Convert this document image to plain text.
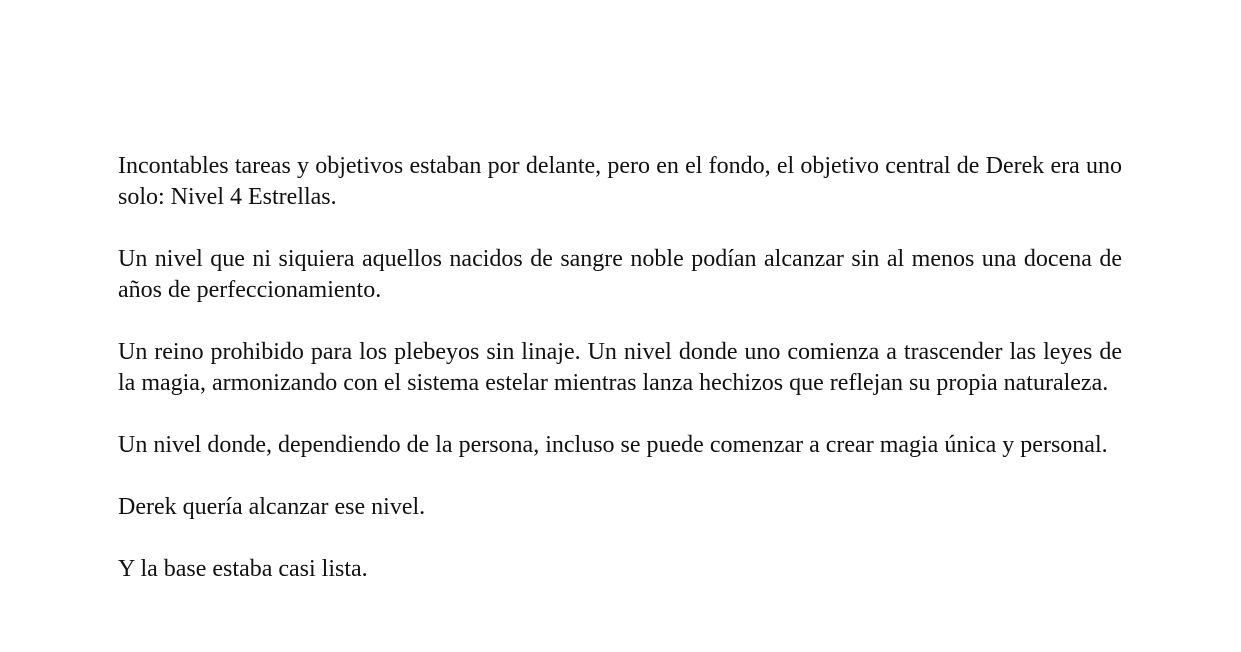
Incontables tareas y objetivos estaban por delante, pero en el fondo, el objetivo central de Derek era uno solo: Nivel 4 Estrellas.

Un nivel que ni siquiera aquellos nacidos de sangre noble podían alcanzar sin al menos una docena de años de perfeccionamiento.

Un reino prohibido para los plebeyos sin linaje. Un nivel donde uno comienza a trascender las leyes de la magia, armonizando con el sistema estelar mientras lanza hechizos que reflejan su propia naturaleza.

Un nivel donde, dependiendo de la persona, incluso se puede comenzar a crear magia única y personal.

Derek quería alcanzar ese nivel.

Y la base estaba casi lista.
